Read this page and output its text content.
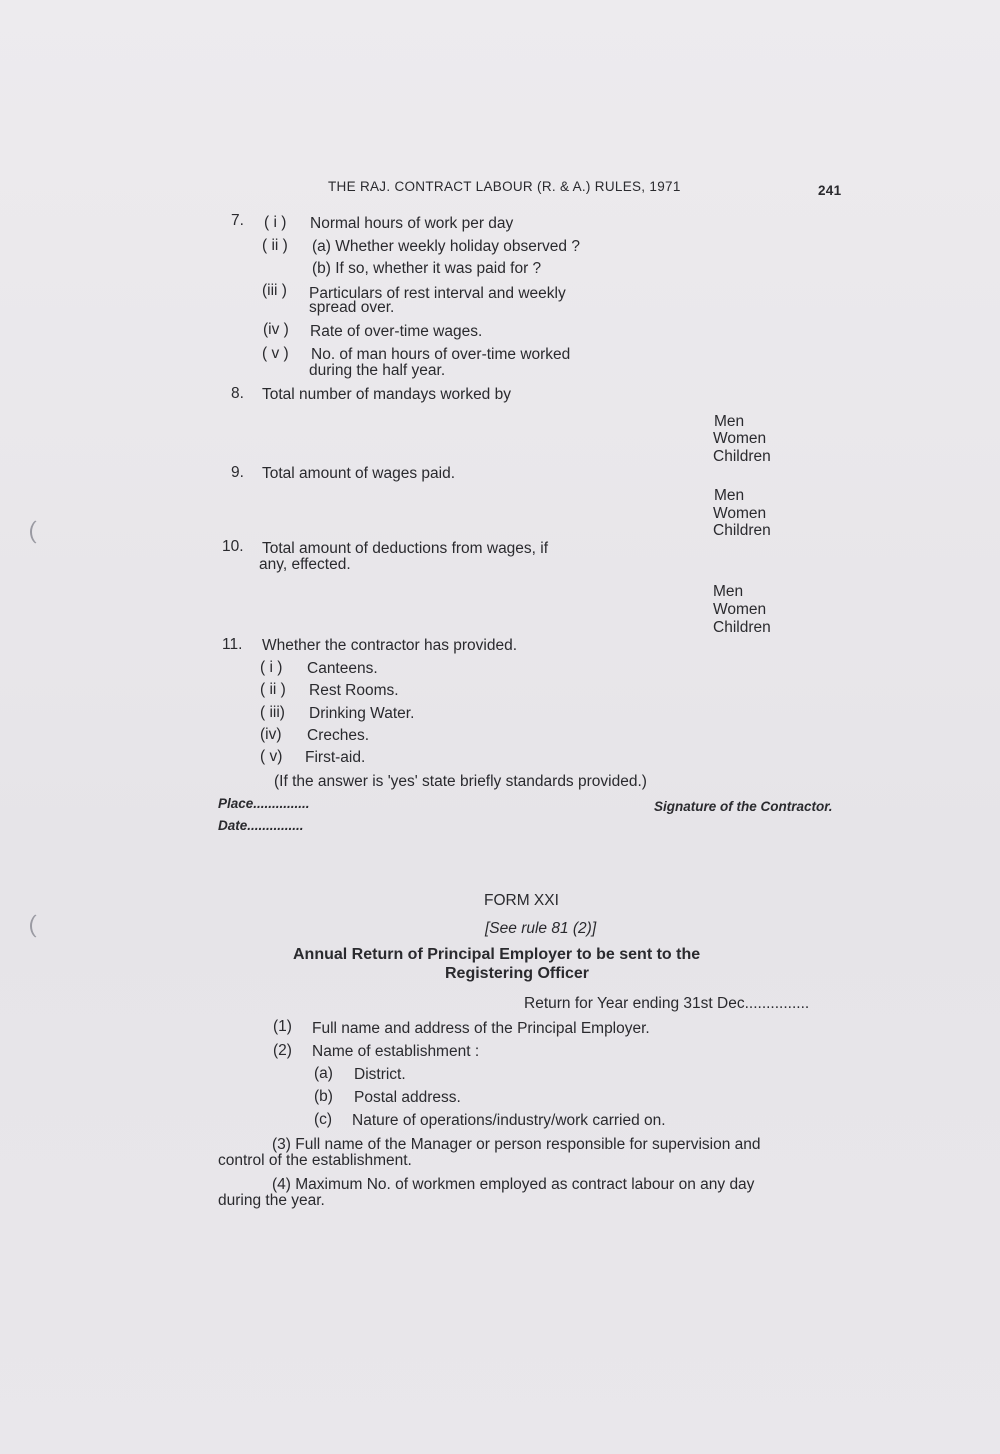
THE RAJ. CONTRACT LABOUR (R. & A.) RULES, 1971	241
7. ( i ) Normal hours of work per day
( ii ) (a) Whether weekly holiday observed ?
(b) If so, whether it was paid for ?
(iii ) Particulars of rest interval and weekly
spread over.
(iv ) Rate of over-time wages.
( v ) No. of man hours of over-time worked
during the half year.
8. Total number of mandays worked by
Men
Women
Children
9. Total amount of wages paid.
Men
Women
Children
10. Total amount of deductions from wages, if
any, effected.
Men
Women
Children
11. Whether the contractor has provided.
( i ) Canteens.
( ii ) Rest Rooms.
( iii) Drinking Water.
(iv) Creches.
( v) First-aid.
(If the answer is 'yes' state briefly standards provided.)
Place...............	Signature of the Contractor.
Date...............
FORM XXI
[See rule 81 (2)]
Annual Return of Principal Employer to be sent to the
Registering Officer
Return for Year ending 31st Dec...............
(1) Full name and address of the Principal Employer.
(2) Name of establishment :
(a) District.
(b) Postal address.
(c) Nature of operations/industry/work carried on.
(3) Full name of the Manager or person responsible for supervision and
control of the establishment.
(4) Maximum No. of workmen employed as contract labour on any day
during the year.
